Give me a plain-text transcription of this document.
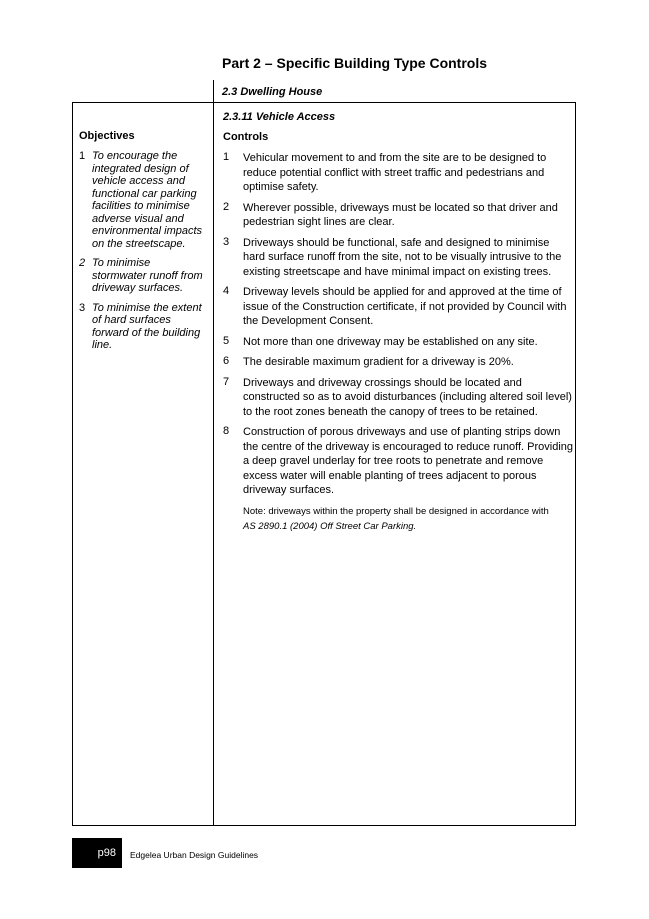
Part 2 – Specific Building Type Controls
2.3 Dwelling House
Objectives
1 To encourage the integrated design of vehicle access and functional car parking facilities to minimise adverse visual and environmental impacts on the streetscape.
2 To minimise stormwater runoff from driveway surfaces.
3 To minimise the extent of hard surfaces forward of the building line.
2.3.11 Vehicle Access
Controls
1	Vehicular movement to and from the site are to be designed to reduce potential conflict with street traffic and pedestrians and optimise safety.
2	Wherever possible, driveways must be located so that driver and pedestrian sight lines are clear.
3	Driveways should be functional, safe and designed to minimise hard surface runoff from the site, not to be visually intrusive to the existing streetscape and have minimal impact on existing trees.
4	Driveway levels should be applied for and approved at the time of issue of the Construction certificate, if not provided by Council with the Development Consent.
5	Not more than one driveway may be established on any site.
6	The desirable maximum gradient for a driveway is 20%.
7	Driveways and driveway crossings should be located and constructed so as to avoid disturbances (including altered soil level) to the root zones beneath the canopy of trees to be retained.
8	Construction of porous driveways and use of planting strips down the centre of the driveway is encouraged to reduce runoff. Providing a deep gravel underlay for tree roots to penetrate and remove excess water will enable planting of trees adjacent to porous driveway surfaces.
Note: driveways within the property shall be designed in accordance with
AS 2890.1 (2004) Off Street Car Parking.
p98	Edgelea Urban Design Guidelines
